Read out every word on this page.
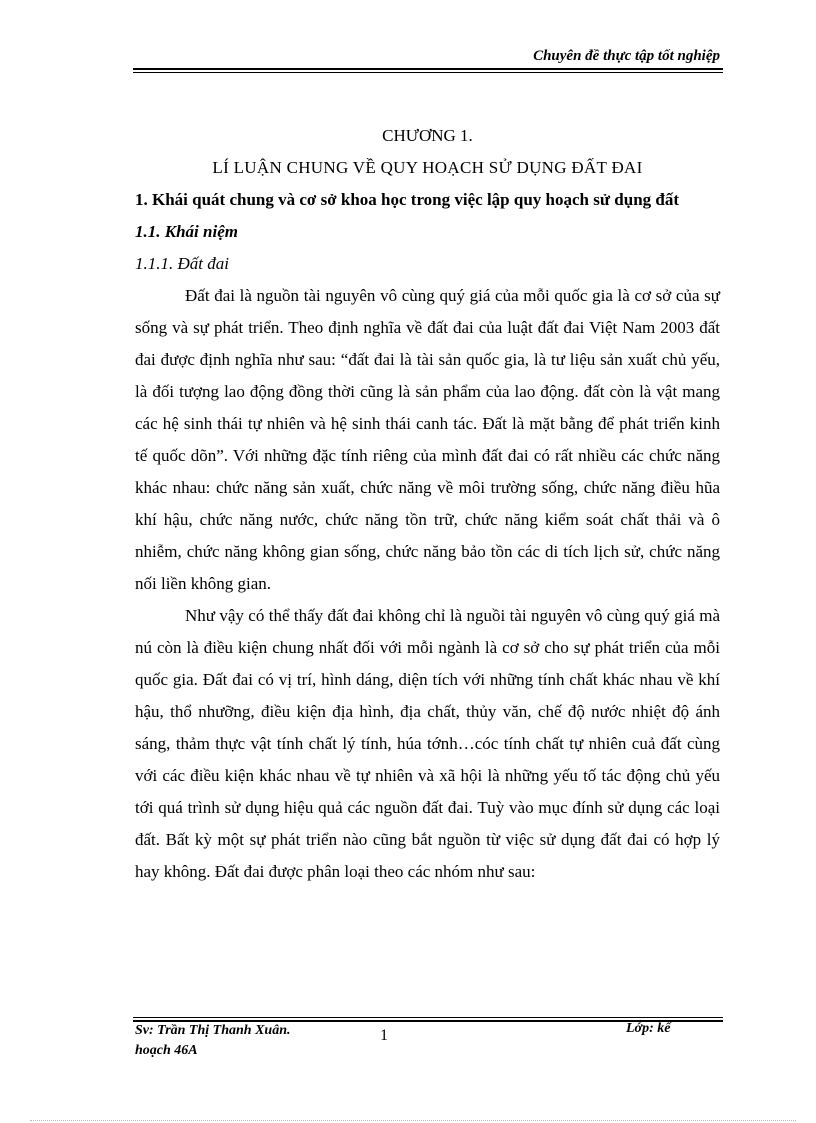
Chuyên đề thực tập tốt nghiệp
CHƯƠNG 1.
LÍ LUẬN CHUNG VỀ QUY HOẠCH SỬ DỤNG ĐẤT ĐAI
1. Khái quát chung và cơ sở khoa học trong việc lập quy hoạch sử dụng đất
1.1. Khái niệm
1.1.1. Đất đai

Đất đai là nguồn tài nguyên vô cùng quý giá của mỗi quốc gia là cơ sở của sự sống và sự phát triển. Theo định nghĩa về đất đai của luật đất đai Việt Nam 2003 đất đai được định nghĩa như sau: “đất đai là tài sản quốc gia, là tư liệu sản xuất chủ yếu, là đối tượng lao động đồng thời cũng là sản phẩm của lao động. đất còn là vật mang các hệ sinh thái tự nhiên và hệ sinh thái canh tác. Đất là mặt bằng để phát triển kinh tế quốc dõn”. Với những đặc tính riêng của mình đất đai có rất nhiều các chức năng khác nhau: chức năng sản xuất, chức năng về môi trường sống, chức năng điều hũa khí hậu, chức năng nước, chức năng tồn trữ, chức năng kiểm soát chất thải và ô nhiễm, chức năng không gian sống, chức năng bảo tồn các di tích lịch sử, chức năng nối liền không gian.

Như vậy có thể thấy đất đai không chỉ là nguồi tài nguyên vô cùng quý giá mà nú còn là điều kiện chung nhất đối với mỗi ngành là cơ sở cho sự phát triển của mỗi quốc gia. Đất đai có vị trí, hình dáng, diện tích với những tính chất khác nhau về khí hậu, thổ nhưỡng, điều kiện địa hình, địa chất, thủy văn, chế độ nước nhiệt độ ánh sáng, thảm thực vật tính chất lý tính, húa tớnh…cóc tính chất tự nhiên cuả đất cùng với các điều kiện khác nhau về tự nhiên và xã hội là những yếu tố tác động chủ yếu tới quá trình sử dụng hiệu quả các nguồn đất đai. Tuỳ vào mục đính sử dụng các loại đất. Bất kỳ một sự phát triển nào cũng bắt nguồn từ việc sử dụng đất đai có hợp lý hay không. Đất đai được phân loại theo các nhóm như sau:

Sv: Trần Thị Thanh Xuân.
hoạch 46A
1	Lớp: kế
